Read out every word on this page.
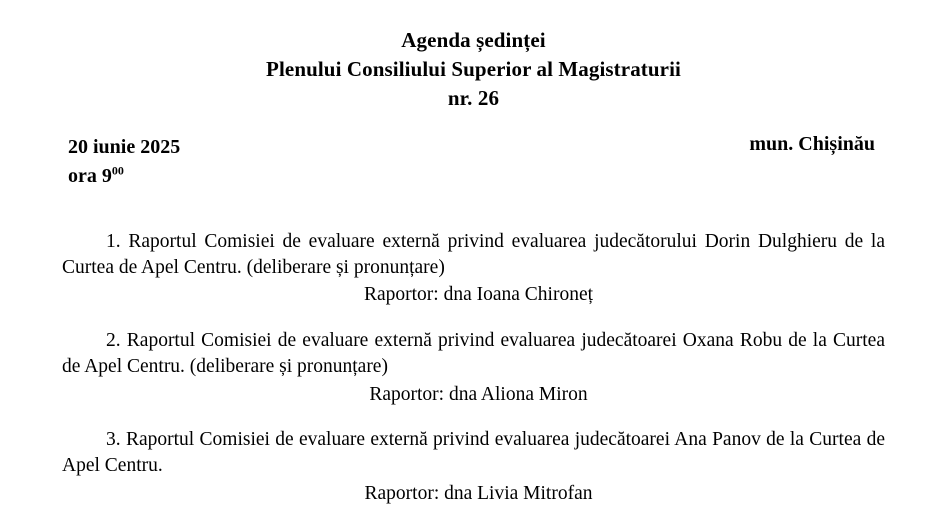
Agenda ședinței
Plenului Consiliului Superior al Magistraturii
nr. 26
20 iunie 2025
ora $9^{00}$
mun. Chișinău

1. Raportul Comisiei de evaluare externă privind evaluarea judecătorului Dorin Dulghieru de la Curtea de Apel Centru. (deliberare și pronunțare)

Raportor: dna Ioana Chironeț

2. Raportul Comisiei de evaluare externă privind evaluarea judecătoarei Oxana Robu de la Curtea de Apel Centru. (deliberare și pronunțare)

Raportor: dna Aliona Miron

3. Raportul Comisiei de evaluare externă privind evaluarea judecătoarei Ana Panov de la Curtea de Apel Centru.

Raportor: dna Livia Mitrofan
